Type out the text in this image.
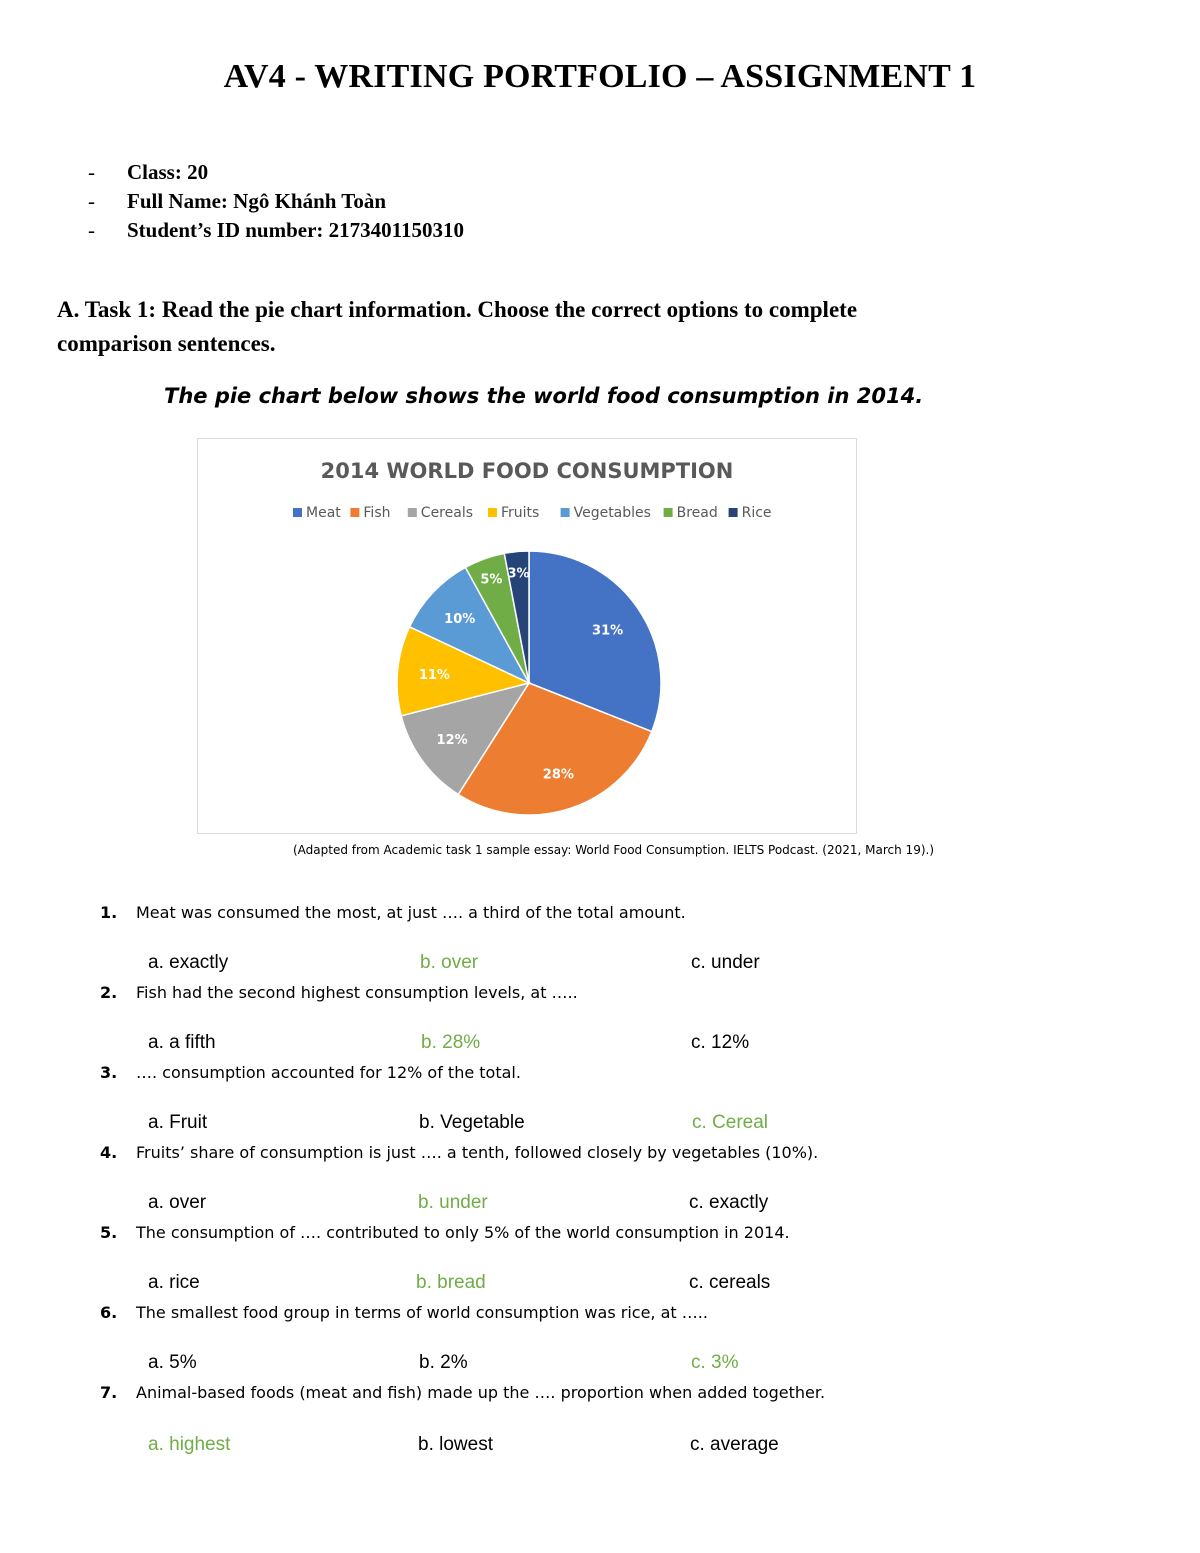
AV4 - WRITING PORTFOLIO – ASSIGNMENT 1
-	Class: 20
-	Full Name: Ngô Khánh Toàn
-	Student’s ID number: 2173401150310
A. Task 1: Read the pie chart information. Choose the correct options to complete
comparison sentences.
The pie chart below shows the world food consumption in 2014.
2014 WORLD FOOD CONSUMPTION
Meat Fish Cereals Fruits Vegetables Bread Rice
31%
28%
12%
11%
10%
5% 3%
(Adapted from Academic task 1 sample essay: World Food Consumption. IELTS Podcast. (2021, March 19).)
1.	Meat was consumed the most, at just …. a third of the total amount.
a. exactly	b. over	c. under
2.	Fish had the second highest consumption levels, at …..
a. a fifth	b. 28%	c. 12%
3.	…. consumption accounted for 12% of the total.
a. Fruit	b. Vegetable	c. Cereal
4.	Fruits’ share of consumption is just …. a tenth, followed closely by vegetables (10%).
a. over	b. under	c. exactly
5.	The consumption of …. contributed to only 5% of the world consumption in 2014.
a. rice	b. bread	c. cereals
6.	The smallest food group in terms of world consumption was rice, at …..
a. 5%	b. 2%	c. 3%
7.	Animal-based foods (meat and fish) made up the …. proportion when added together.
a. highest	b. lowest	c. average
